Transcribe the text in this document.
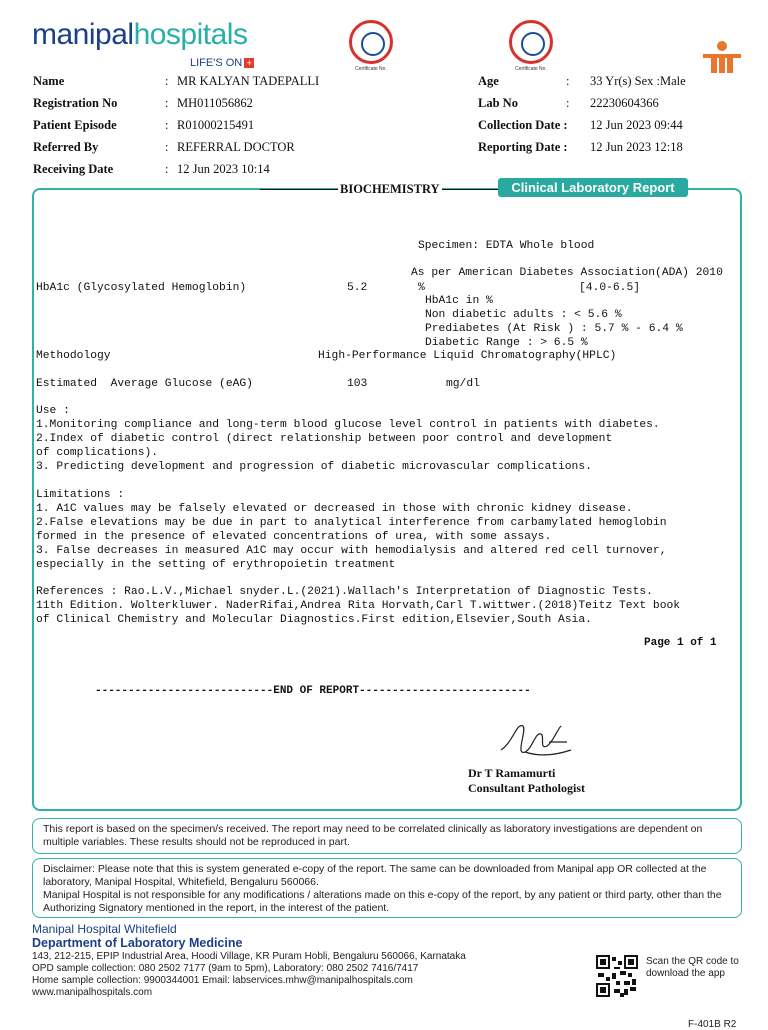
manipalhospitals
LIFE'S ON +
Certificate No.	Certificate No.
Name	: MR KALYAN TADEPALLI
Registration No	: MH011056862
Patient Episode	: R01000215491
Referred By	: REFERRAL DOCTOR
Receiving Date	: 12 Jun 2023 10:14
Age	: 33 Yr(s) Sex :Male
Lab No	: 22230604366
Collection Date : 12 Jun 2023 09:44
Reporting Date : 12 Jun 2023 12:18
BIOCHEMISTRY	Clinical Laboratory Report
Specimen: EDTA Whole blood
As per American Diabetes Association(ADA) 2010
HbA1c (Glycosylated Hemoglobin)	5.2	%	[4.0-6.5]
HbA1c in %
Non diabetic adults : < 5.6 %
Prediabetes (At Risk ) : 5.7 % - 6.4 %
Diabetic Range : > 6.5 %
Methodology	High-Performance Liquid Chromatography(HPLC)
Estimated  Average Glucose (eAG)	103	mg/dl
Use :
1.Monitoring compliance and long-term blood glucose level control in patients with diabetes.
2.Index of diabetic control (direct relationship between poor control and development
of complications).
3. Predicting development and progression of diabetic microvascular complications.
Limitations :
1. A1C values may be falsely elevated or decreased in those with chronic kidney disease.
2.False elevations may be due in part to analytical interference from carbamylated hemoglobin
formed in the presence of elevated concentrations of urea, with some assays.
3. False decreases in measured A1C may occur with hemodialysis and altered red cell turnover,
especially in the setting of erythropoietin treatment
References : Rao.L.V.,Michael snyder.L.(2021).Wallach's Interpretation of Diagnostic Tests.
11th Edition. Wolterkluwer. NaderRifai,Andrea Rita Horvath,Carl T.wittwer.(2018)Teitz Text book
of Clinical Chemistry and Molecular Diagnostics.First edition,Elsevier,South Asia.
Page 1 of 1
---------------------------END OF REPORT--------------------------
Dr T Ramamurti
Consultant Pathologist
This report is based on the specimen/s received. The report may need to be correlated clinically as laboratory investigations are dependent on multiple variables. These results should not be reproduced in part.
Disclaimer: Please note that this is system generated e-copy of the report. The same can be downloaded from Manipal app OR collected at the laboratory, Manipal Hospital, Whitefield, Bengaluru 560066.
Manipal Hospital is not responsible for any modifications / alterations made on this e-copy of the report, by any patient or third party, other than the Authorizing Signatory mentioned in the report, in the interest of the patient.
Manipal Hospital Whitefield
Department of Laboratory Medicine
143, 212-215, EPIP Industrial Area, Hoodi Village, KR Puram Hobli, Bengaluru 560066, Karnataka
OPD sample collection: 080 2502 7177 (9am to 5pm), Laboratory: 080 2502 7416/7417
Home sample collection: 9900344001 Email: labservices.mhw@manipalhospitals.com
www.manipalhospitals.com
Scan the QR code to download the app
F-401B R2
